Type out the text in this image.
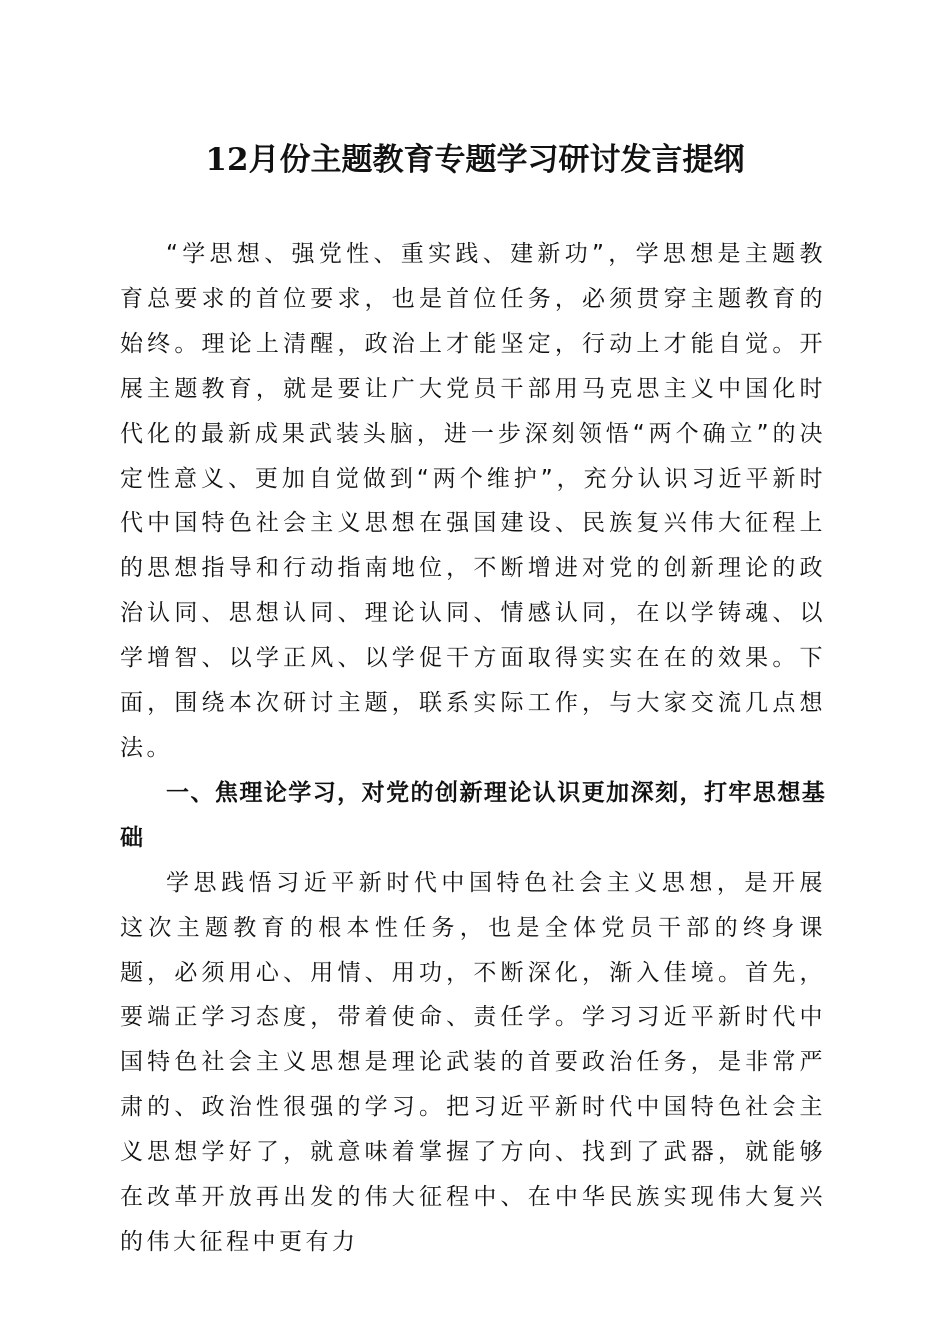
12月份主题教育专题学习研讨发言提纲

“学思想、强党性、重实践、建新功”，学思想是主题教育总要求的首位要求，也是首位任务，必须贯穿主题教育的始终。理论上清醒，政治上才能坚定，行动上才能自觉。开展主题教育，就是要让广大党员干部用马克思主义中国化时代化的最新成果武装头脑，进一步深刻领悟“两个确立”的决定性意义、更加自觉做到“两个维护”，充分认识习近平新时代中国特色社会主义思想在强国建设、民族复兴伟大征程上的思想指导和行动指南地位，不断增进对党的创新理论的政治认同、思想认同、理论认同、情感认同，在以学铸魂、以学增智、以学正风、以学促干方面取得实实在在的效果。下面，围绕本次研讨主题，联系实际工作，与大家交流几点想法。

一、焦理论学习，对党的创新理论认识更加深刻，打牢思想基础

学思践悟习近平新时代中国特色社会主义思想，是开展这次主题教育的根本性任务，也是全体党员干部的终身课题，必须用心、用情、用功，不断深化，渐入佳境。首先，要端正学习态度，带着使命、责任学。学习习近平新时代中国特色社会主义思想是理论武装的首要政治任务，是非常严肃的、政治性很强的学习。把习近平新时代中国特色社会主义思想学好了，就意味着掌握了方向、找到了武器，就能够在改革开放再出发的伟大征程中、在中华民族实现伟大复兴的伟大征程中更有力
